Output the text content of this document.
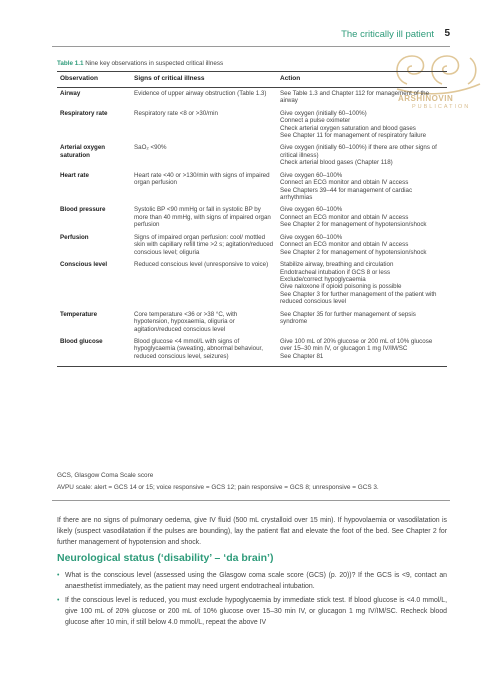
The critically ill patient 5
ARSHINOVIN
PUBLICATION
Table 1.1 Nine key observations in suspected critical illness
Observation	Signs of critical illness	Action
Airway	Evidence of upper airway obstruction (Table 1.3)	See Table 1.3 and Chapter 112 for management of the airway

Respiratory rate	Respiratory rate <8 or >30/min	Give oxygen (initially 60–100%)
Connect a pulse oximeter
Check arterial oxygen saturation and blood gases
See Chapter 11 for management of respiratory failure

Arterial oxygen saturation	SaO₂ <90%	Give oxygen (initially 60–100%) if there are other signs of critical illness)
Check arterial blood gases (Chapter 118)

Heart rate	Heart rate <40 or >130/min with signs of impaired organ perfusion	Give oxygen 60–100%
Connect an ECG monitor and obtain IV access
See Chapters 39–44 for management of cardiac arrhythmias

Blood pressure	Systolic BP <90 mmHg or fall in systolic BP by more than 40 mmHg, with signs of impaired organ perfusion	Give oxygen 60–100%
Connect an ECG monitor and obtain IV access
See Chapter 2 for management of hypotension/shock

Perfusion	Signs of impaired organ perfusion: cool/ mottled skin with capillary refill time >2 s; agitation/reduced conscious level; oliguria	Give oxygen 60–100%
Connect an ECG monitor and obtain IV access
See Chapter 2 for management of hypotension/shock

Conscious level	Reduced conscious level (unresponsive to voice)	Stabilize airway, breathing and circulation
Endotracheal intubation if GCS 8 or less
Exclude/correct hypoglycaemia
Give naloxone if opioid poisoning is possible
See Chapter 3 for further management of the patient with reduced conscious level

Temperature	Core temperature <36 or >38 °C, with hypotension, hypoxaemia, oliguria or agitation/reduced conscious level	See Chapter 35 for further management of sepsis syndrome

Blood glucose	Blood glucose <4 mmol/L with signs of hypoglycaemia (sweating, abnormal behaviour, reduced conscious level, seizures)	Give 100 mL of 20% glucose or 200 mL of 10% glucose over 15–30 min IV, or glucagon 1 mg IV/IM/SC
See Chapter 81
GCS, Glasgow Coma Scale score
AVPU scale: alert = GCS 14 or 15; voice responsive = GCS 12; pain responsive = GCS 8; unresponsive = GCS 3.
If there are no signs of pulmonary oedema, give IV fluid (500 mL crystalloid over 15 min). If hypovolaemia or vasodilatation is likely (suspect vasodilatation if the pulses are bounding), lay the patient flat and elevate the foot of the bed. See Chapter 2 for further management of hypotension and shock.
Neurological status (‘disability’ – ‘da brain’)
• What is the conscious level (assessed using the Glasgow coma scale score (GCS) (p. 20))? If the GCS is <9, contact an anaesthetist immediately, as the patient may need urgent endotracheal intubation.
• If the conscious level is reduced, you must exclude hypoglycaemia by immediate stick test. If blood glucose is <4.0 mmol/L, give 100 mL of 20% glucose or 200 mL of 10% glucose over 15–30 min IV, or glucagon 1 mg IV/IM/SC. Recheck blood glucose after 10 min, if still below 4.0 mmol/L, repeat the above IV
